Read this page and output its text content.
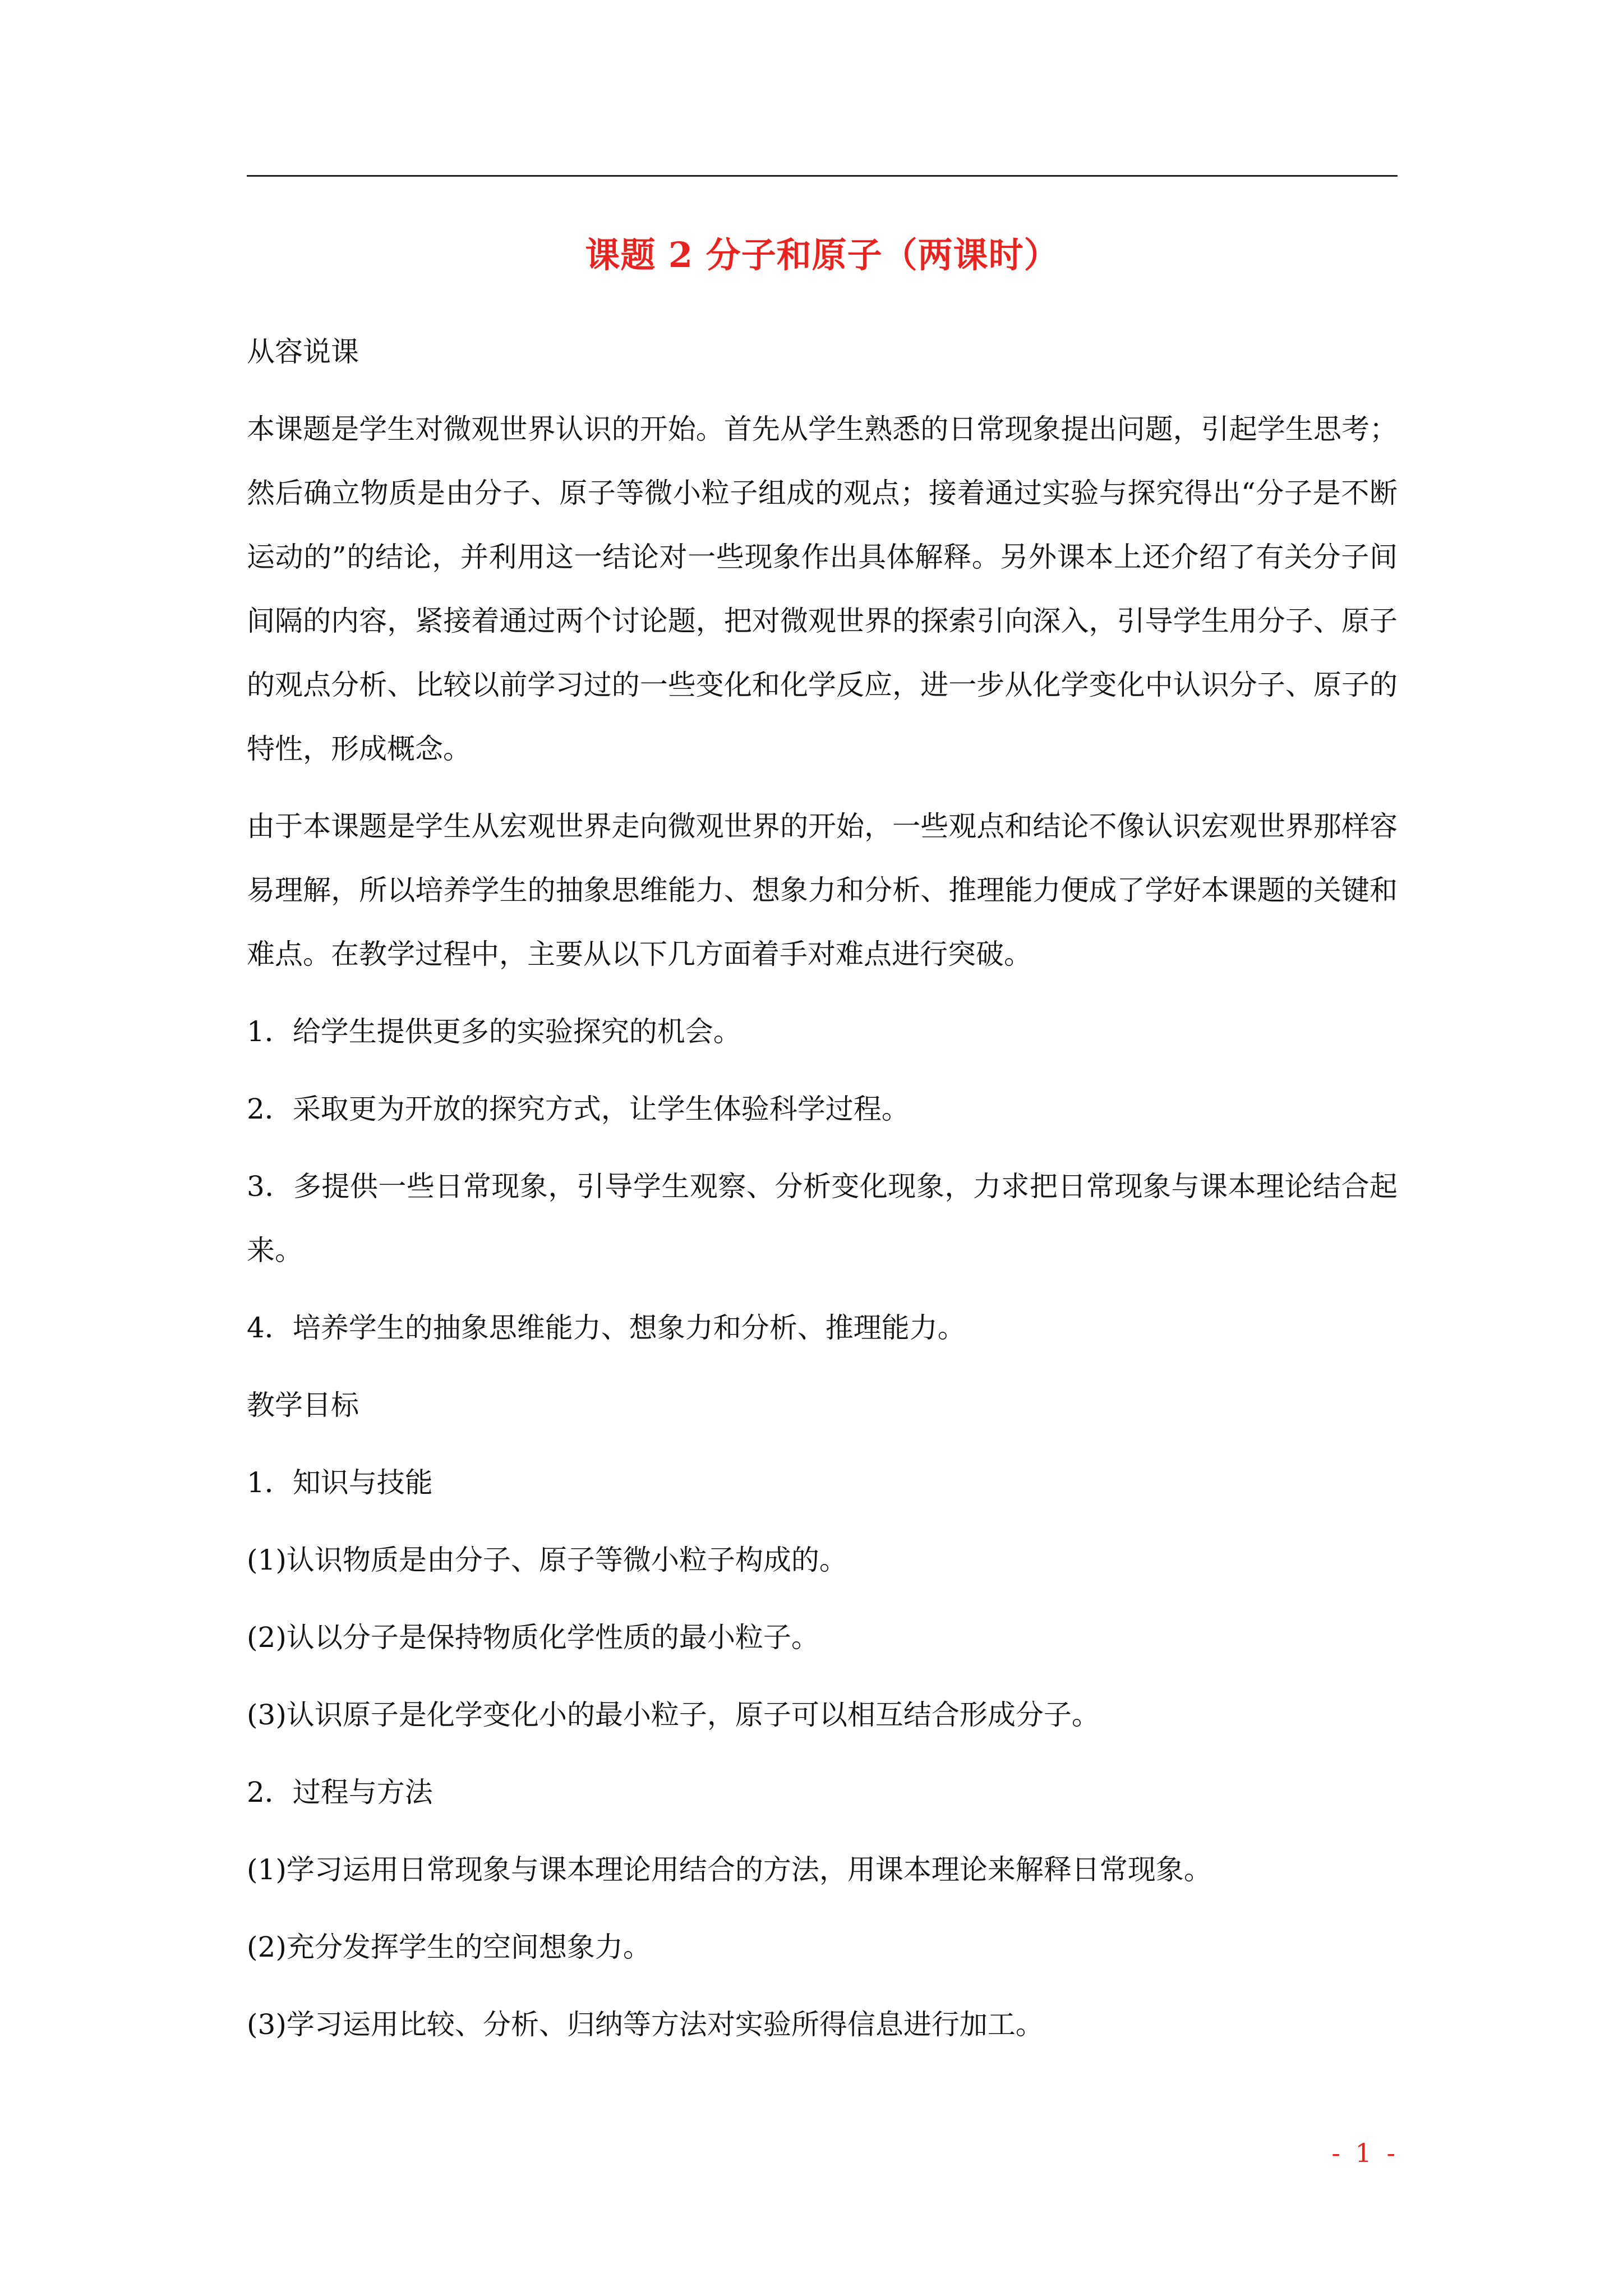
课题 2 分子和原子（两课时）

从容说课

本课题是学生对微观世界认识的开始。首先从学生熟悉的日常现象提出问题，引起学生思考；然后确立物质是由分子、原子等微小粒子组成的观点；接着通过实验与探究得出“分子是不断运动的”的结论，并利用这一结论对一些现象作出具体解释。另外课本上还介绍了有关分子间间隔的内容，紧接着通过两个讨论题，把对微观世界的探索引向深入，引导学生用分子、原子的观点分析、比较以前学习过的一些变化和化学反应，进一步从化学变化中认识分子、原子的特性，形成概念。

由于本课题是学生从宏观世界走向微观世界的开始，一些观点和结论不像认识宏观世界那样容易理解，所以培养学生的抽象思维能力、想象力和分析、推理能力便成了学好本课题的关键和难点。在教学过程中，主要从以下几方面着手对难点进行突破。

1．给学生提供更多的实验探究的机会。

2．采取更为开放的探究方式，让学生体验科学过程。

3．多提供一些日常现象，引导学生观察、分析变化现象，力求把日常现象与课本理论结合起来。

4．培养学生的抽象思维能力、想象力和分析、推理能力。

教学目标

1．知识与技能

(1)认识物质是由分子、原子等微小粒子构成的。

(2)认以分子是保持物质化学性质的最小粒子。

(3)认识原子是化学变化小的最小粒子，原子可以相互结合形成分子。

2．过程与方法

(1)学习运用日常现象与课本理论用结合的方法，用课本理论来解释日常现象。

(2)充分发挥学生的空间想象力。

(3)学习运用比较、分析、归纳等方法对实验所得信息进行加工。

- 1 -
